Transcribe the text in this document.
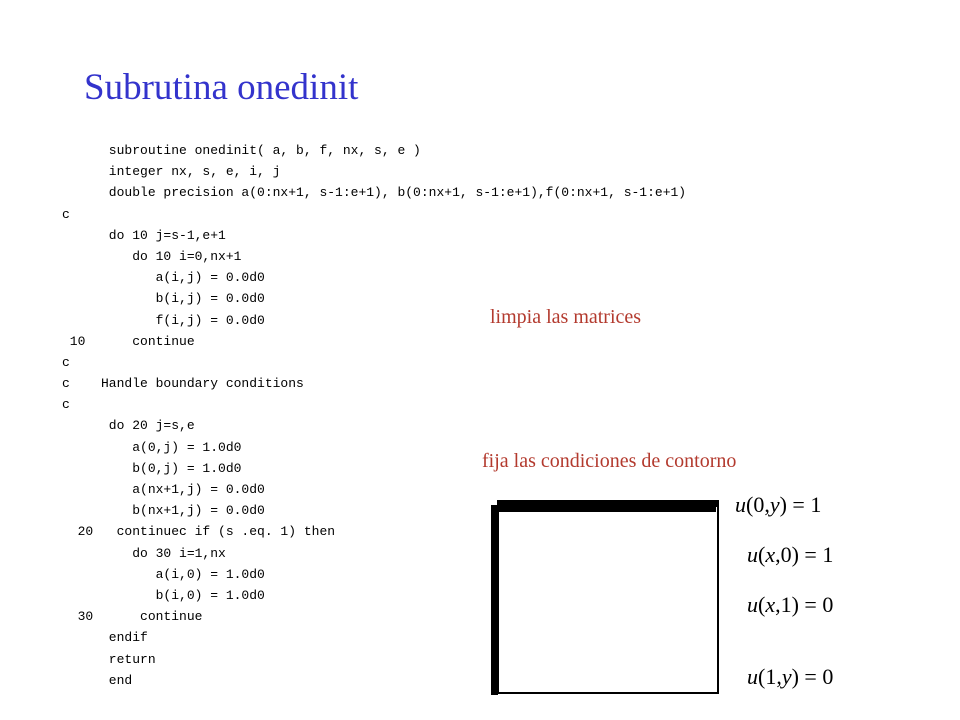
Subrutina onedinit
subroutine onedinit( a, b, f, nx, s, e )
integer nx, s, e, i, j
double precision a(0:nx+1, s-1:e+1), b(0:nx+1, s-1:e+1),f(0:nx+1, s-1:e+1)
c
do 10 j=s-1,e+1
do 10 i=0,nx+1
a(i,j) = 0.0d0
b(i,j) = 0.0d0
f(i,j) = 0.0d0
10      continue
c
c    Handle boundary conditions
c
do 20 j=s,e
a(0,j) = 1.0d0
b(0,j) = 1.0d0
a(nx+1,j) = 0.0d0
b(nx+1,j) = 0.0d0
20   continuec if (s .eq. 1) then
do 30 i=1,nx
a(i,0) = 1.0d0
b(i,0) = 1.0d0
30      continue
endif
return
end
limpia las matrices
fija las condiciones de contorno
u(0,y) = 1
u(x,0) = 1
u(x,1) = 0
u(1,y) = 0
